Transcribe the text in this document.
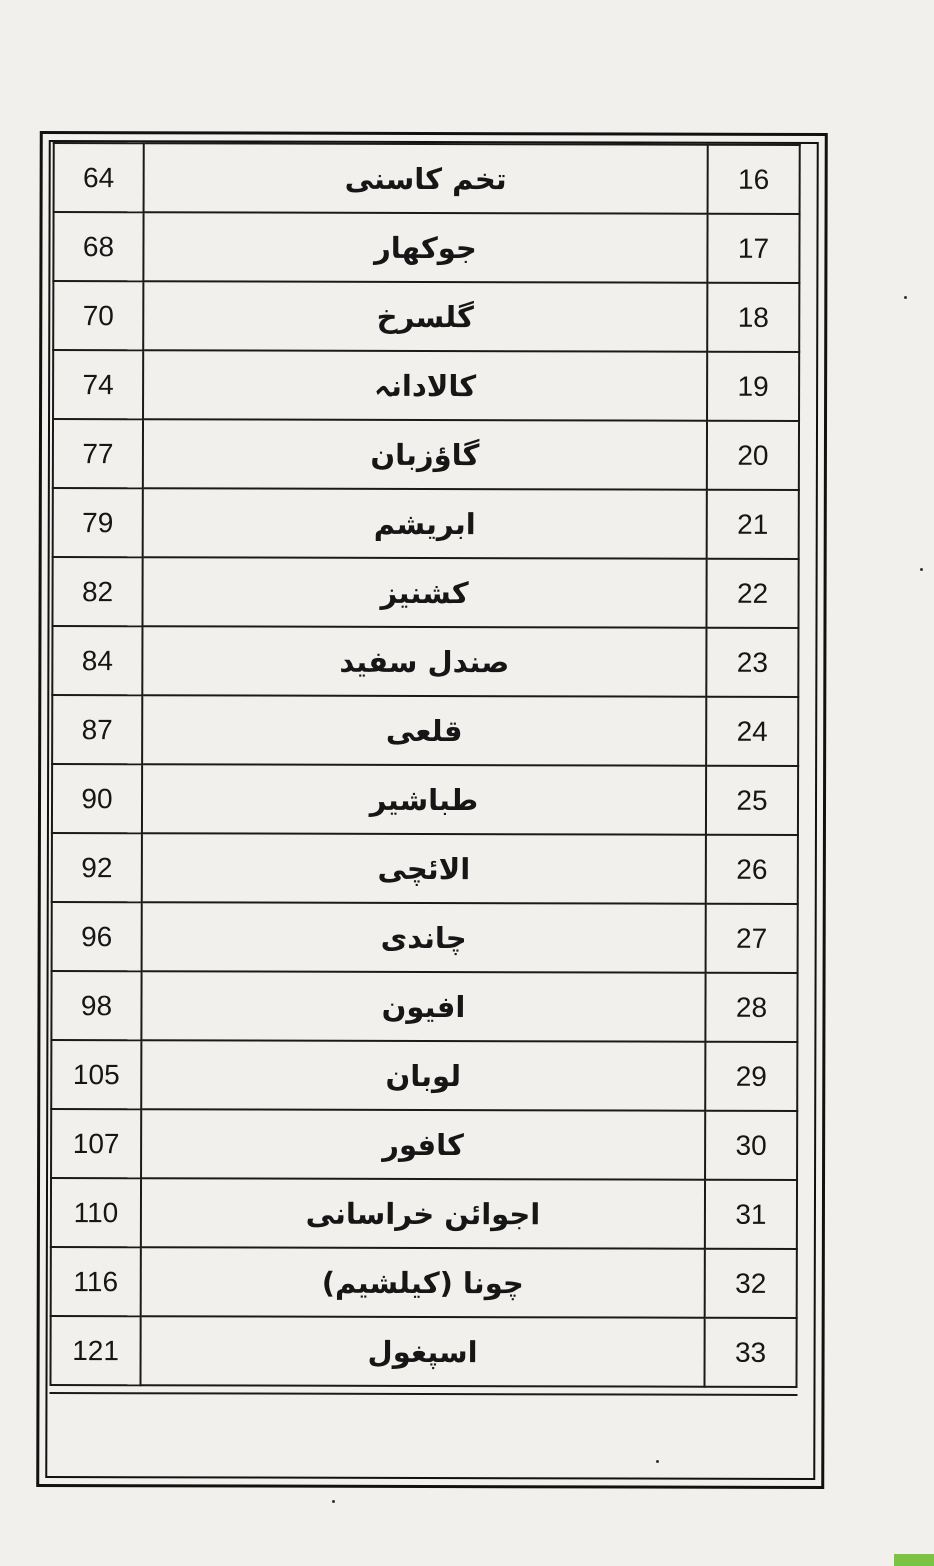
64	تخم کاسنی	16
68	جوکھار	17
70	گلسرخ	18
74	کالادانہ	19
77	گاؤزبان	20
79	ابریشم	21
82	کشنیز	22
84	صندل سفید	23
87	قلعی	24
90	طباشیر	25
92	الائچی	26
96	چاندی	27
98	افیون	28
105	لوبان	29
107	کافور	30
110	اجوائن خراسانی	31
116	چونا (کیلشیم)	32
121	اسپغول	33
